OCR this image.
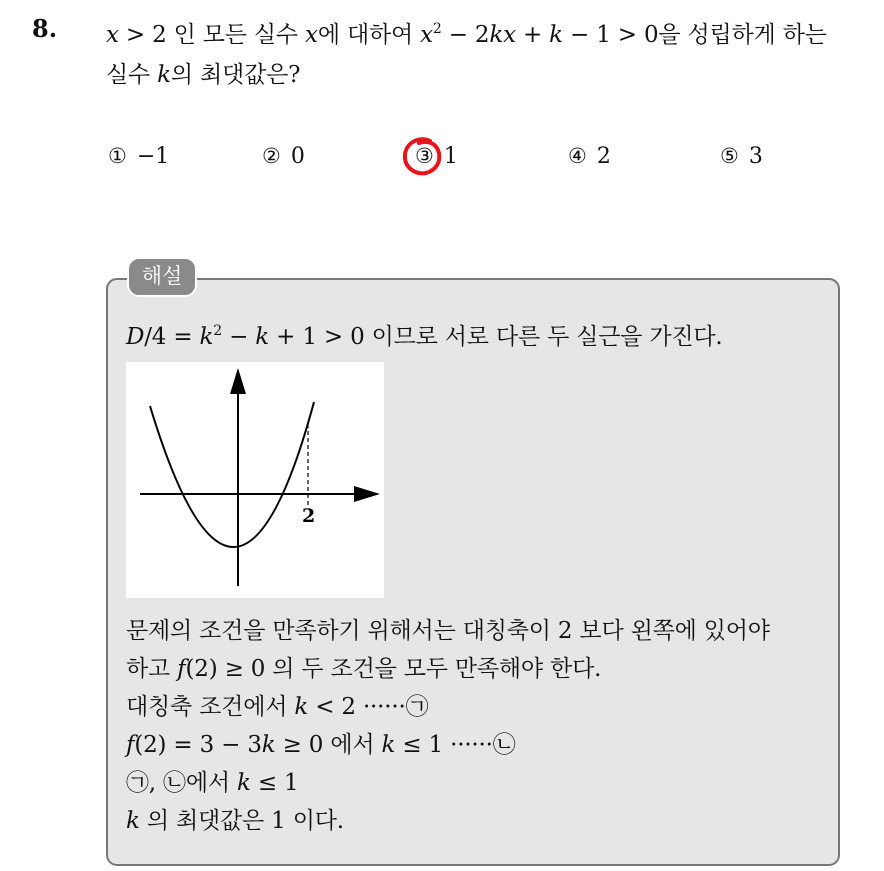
8. x > 2 인 모든 실수 x에 대하여 $x^2 - 2kx + k - 1 > 0$을 성립하게 하는
실수 k의 최댓값은?
① −1	② 0	③ 1	④ 2	⑤ 3
해설
$D/4 = k^2 - k + 1 > 0$ 이므로 서로 다른 두 실근을 가진다.
2
문제의 조건을 만족하기 위해서는 대칭축이 2 보다 왼쪽에 있어야
하고 f(2) ≥ 0 의 두 조건을 모두 만족해야 한다.
대칭축 조건에서 k < 2 ······㉠
f(2) = 3 − 3k ≥ 0 에서 k ≤ 1 ······㉡
㉠, ㉡에서 k ≤ 1
k 의 최댓값은 1 이다.
